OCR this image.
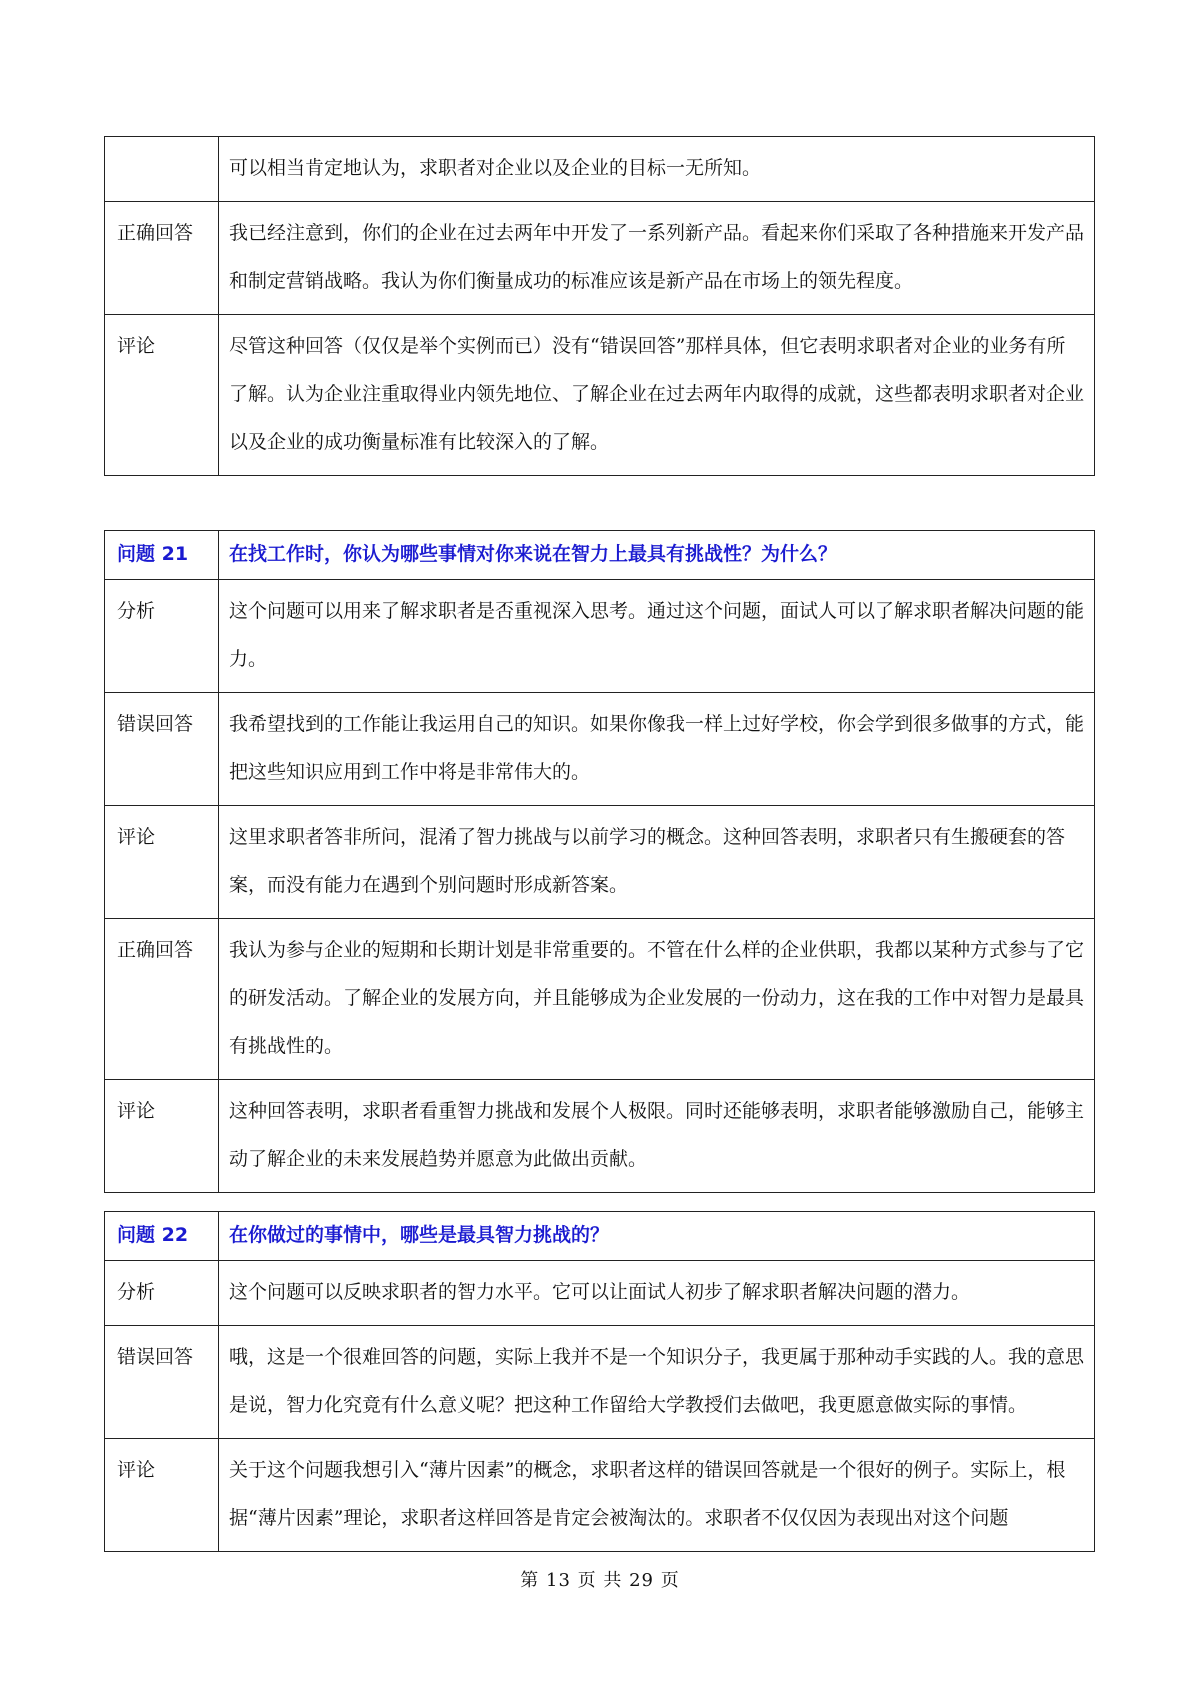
	可以相当肯定地认为，求职者对企业以及企业的目标一无所知。
正确回答	我已经注意到，你们的企业在过去两年中开发了一系列新产品。看起来你们采取了各种措施来开发产品和制定营销战略。我认为你们衡量成功的标准应该是新产品在市场上的领先程度。
评论	尽管这种回答（仅仅是举个实例而已）没有“错误回答”那样具体，但它表明求职者对企业的业务有所了解。认为企业注重取得业内领先地位、了解企业在过去两年内取得的成就，这些都表明求职者对企业以及企业的成功衡量标准有比较深入的了解。
问题 21	在找工作时，你认为哪些事情对你来说在智力上最具有挑战性？为什么？
分析	这个问题可以用来了解求职者是否重视深入思考。通过这个问题，面试人可以了解求职者解决问题的能力。
错误回答	我希望找到的工作能让我运用自己的知识。如果你像我一样上过好学校，你会学到很多做事的方式，能把这些知识应用到工作中将是非常伟大的。
评论	这里求职者答非所问，混淆了智力挑战与以前学习的概念。这种回答表明，求职者只有生搬硬套的答案，而没有能力在遇到个别问题时形成新答案。
正确回答	我认为参与企业的短期和长期计划是非常重要的。不管在什么样的企业供职，我都以某种方式参与了它的研发活动。了解企业的发展方向，并且能够成为企业发展的一份动力，这在我的工作中对智力是最具有挑战性的。
评论	这种回答表明，求职者看重智力挑战和发展个人极限。同时还能够表明，求职者能够激励自己，能够主动了解企业的未来发展趋势并愿意为此做出贡献。
问题 22	在你做过的事情中，哪些是最具智力挑战的？
分析	这个问题可以反映求职者的智力水平。它可以让面试人初步了解求职者解决问题的潜力。
错误回答	哦，这是一个很难回答的问题，实际上我并不是一个知识分子，我更属于那种动手实践的人。我的意思是说，智力化究竟有什么意义呢？把这种工作留给大学教授们去做吧，我更愿意做实际的事情。
评论	关于这个问题我想引入“薄片因素”的概念，求职者这样的错误回答就是一个很好的例子。实际上，根据“薄片因素”理论，求职者这样回答是肯定会被淘汰的。求职者不仅仅因为表现出对这个问题
第 13 页 共 29 页
